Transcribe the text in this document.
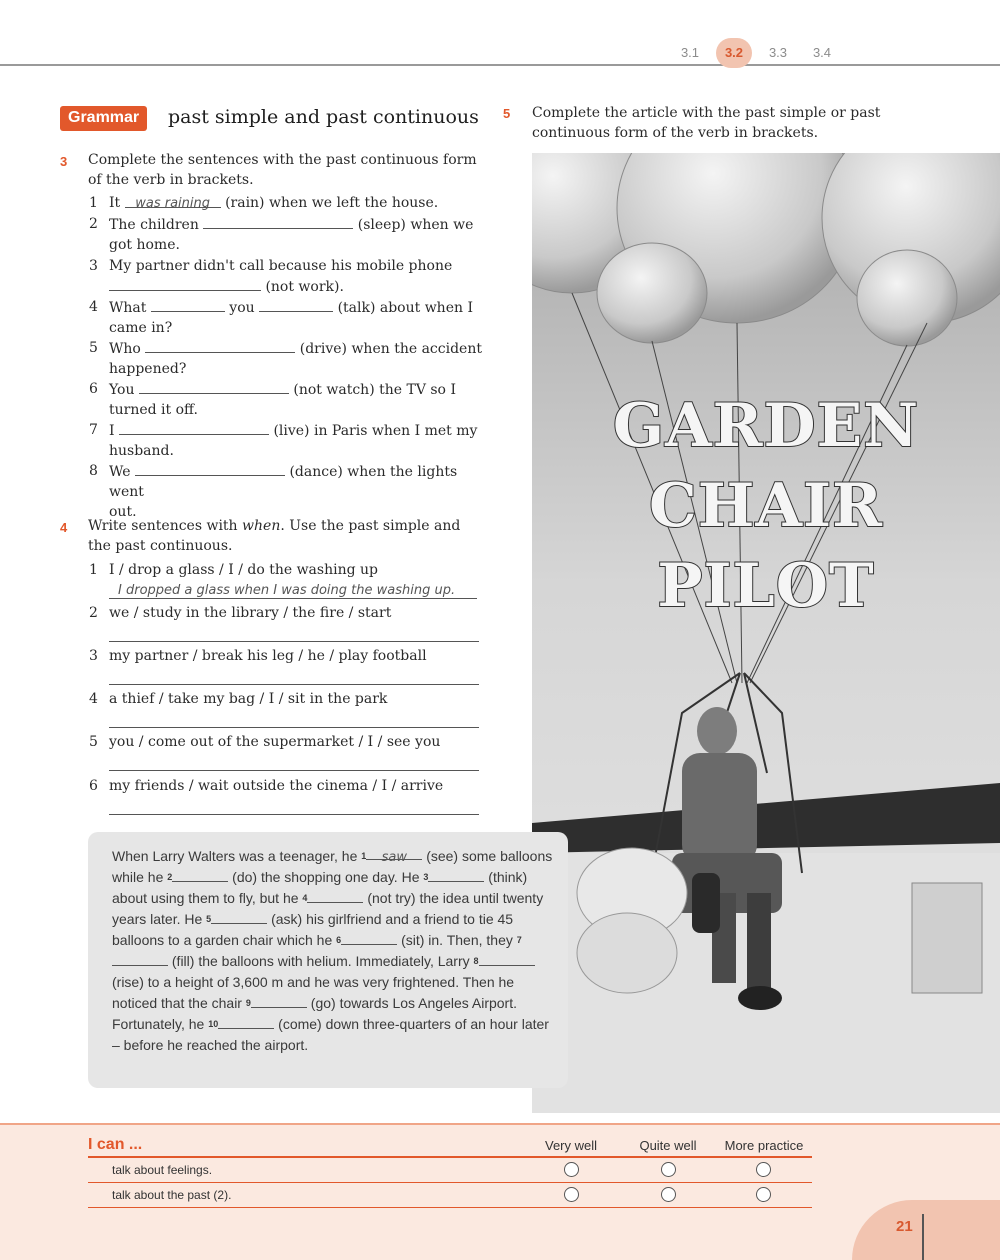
3.1	3.2	3.3	3.4
Grammar	past simple and past continuous
3 Complete the sentences with the past continuous form of the verb in brackets.
1 It was raining (rain) when we left the house.
2 The children	(sleep) when we
got home.
3 My partner didn't call because his mobile phone
(not work).
4 What	you	(talk) about when I
came in?
5 Who	(drive) when the accident
happened?
6 You	(not watch) the TV so I
turned it off.
7 I	(live) in Paris when I met my
husband.
8 We	(dance) when the lights went
out.
4 Write sentences with when. Use the past simple and the past continuous.
1 I / drop a glass / I / do the washing up
I dropped a glass when I was doing the washing up.
2 we / study in the library / the fire / start
3 my partner / break his leg / he / play football
4 a thief / take my bag / I / sit in the park
5 you / come out of the supermarket / I / see you
6 my friends / wait outside the cinema / I / arrive
5 Complete the article with the past simple or past continuous form of the verb in brackets.
GARDEN
CHAIR
PILOT
When Larry Walters was a teenager, he $^1$ saw (see) some balloons while he $^2$	(do) the shopping one day. He $^3$	(think) about using them to fly, but he $^4$	(not try) the idea until twenty years later. He $^5$	(ask) his girlfriend and a friend to tie 45 balloons to a garden chair which he $^6$	(sit) in. Then, they $^7$ (fill) the balloons with helium. Immediately, Larry $^8$ (rise) to a height of 3,600 m and he was very frightened. Then he noticed that the chair $^9$	(go) towards Los Angeles Airport. Fortunately, he $^{10}$	(come) down three-quarters of an hour later – before he reached the airport.
I can ...	Very well	Quite well	More practice
talk about feelings.
talk about the past (2).
21
